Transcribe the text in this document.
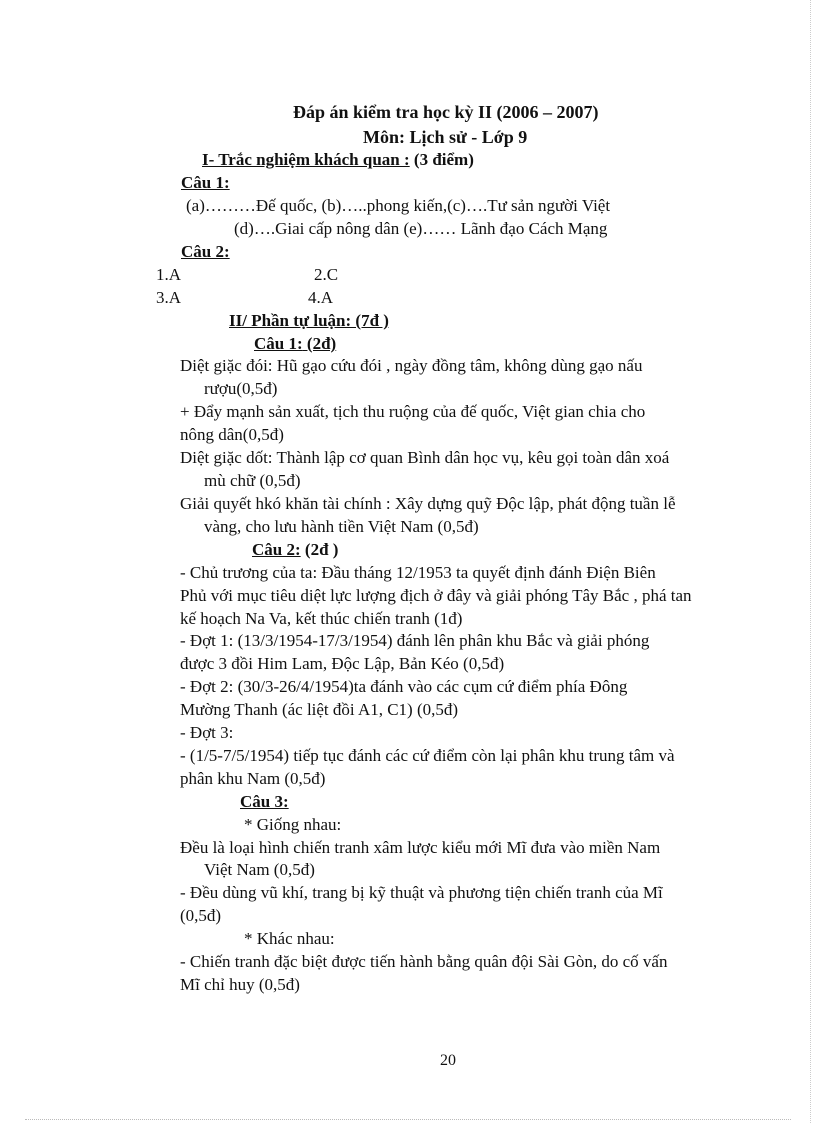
Đáp án kiểm tra học kỳ II (2006 – 2007)
Môn: Lịch sử - Lớp 9
I- Trắc nghiệm khách quan : (3 điểm)
Câu 1:
(a)………Đế quốc, (b)…..phong kiến,(c)….Tư sản người Việt
(d)….Giai cấp nông dân (e)…… Lãnh đạo Cách Mạng
Câu 2:
1.A	2.C
3.A	4.A
II/ Phần tự luận: (7đ )
Câu 1: (2đ)
Diệt giặc đói: Hũ gạo cứu đói , ngày đồng tâm, không dùng gạo nấu
rượu(0,5đ)
+ Đẩy mạnh sản xuất, tịch thu ruộng của đế quốc, Việt gian chia cho
nông dân(0,5đ)
Diệt giặc dốt: Thành lập cơ quan Bình dân học vụ, kêu gọi toàn dân xoá
mù chữ (0,5đ)
Giải quyết hkó khăn tài chính : Xây dựng quỹ Độc lập, phát động tuần lễ
vàng, cho lưu hành tiền Việt Nam (0,5đ)
Câu 2: (2đ )
- Chủ trương của ta: Đầu tháng 12/1953 ta quyết định đánh Điện Biên
Phủ với mục tiêu diệt lực lượng địch ở đây và giải phóng Tây Bắc , phá tan
kế hoạch Na Va, kết thúc chiến tranh (1đ)
- Đợt 1: (13/3/1954-17/3/1954) đánh lên phân khu Bắc và giải phóng
được 3 đồi Him Lam, Độc Lập, Bản Kéo (0,5đ)
- Đợt 2: (30/3-26/4/1954)ta đánh vào các cụm cứ điểm phía Đông
Mường Thanh (ác liệt đồi A1, C1) (0,5đ)
- Đợt 3:
- (1/5-7/5/1954) tiếp tục đánh các cứ điểm còn lại phân khu trung tâm và
phân khu Nam (0,5đ)
Câu 3:
* Giống nhau:
Đều là loại hình chiến tranh xâm lược kiểu mới Mĩ đưa vào miền Nam
Việt Nam (0,5đ)
- Đều dùng vũ khí, trang bị kỹ thuật và phương tiện chiến tranh của Mĩ
(0,5đ)
* Khác nhau:
- Chiến tranh đặc biệt được tiến hành bằng quân đội Sài Gòn, do cố vấn
Mĩ chỉ huy (0,5đ)
20
